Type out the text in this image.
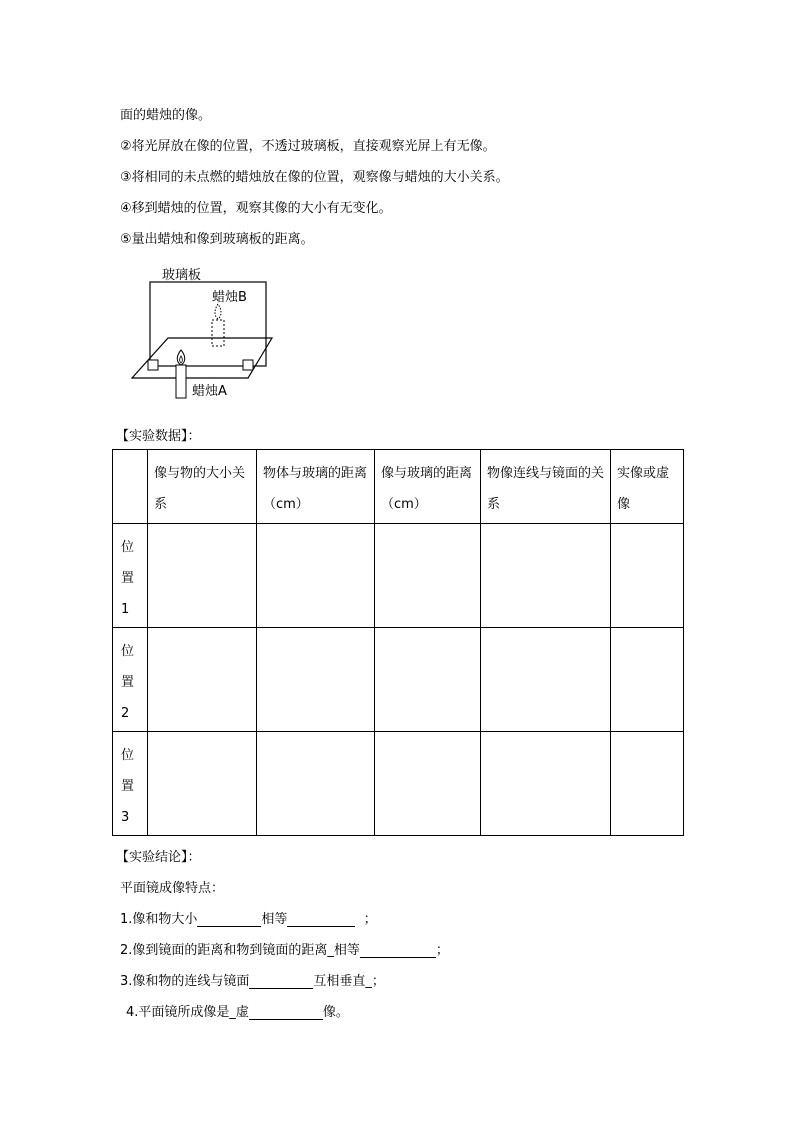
面的蜡烛的像。
②将光屏放在像的位置，不透过玻璃板，直接观察光屏上有无像。
③将相同的未点燃的蜡烛放在像的位置，观察像与蜡烛的大小关系。
④移到蜡烛的位置，观察其像的大小有无变化。
⑤量出蜡烛和像到玻璃板的距离。
玻璃板
蜡烛B
蜡烛A
【实验数据】：
	像与物的大小关系	物体与玻璃的距离（cm）	像与玻璃的距离（cm）	物像连线与镜面的关系	实像或虚像

位
置
1					

位
置
2					

位
置
3					

【实验结论】：
平面镜成像特点：
1.像和物大小	相等	；
2.像到镜面的距离和物到镜面的距离_相等	；
3.像和物的连线与镜面	互相垂直_；
4.平面镜所成像是_虚	像。
